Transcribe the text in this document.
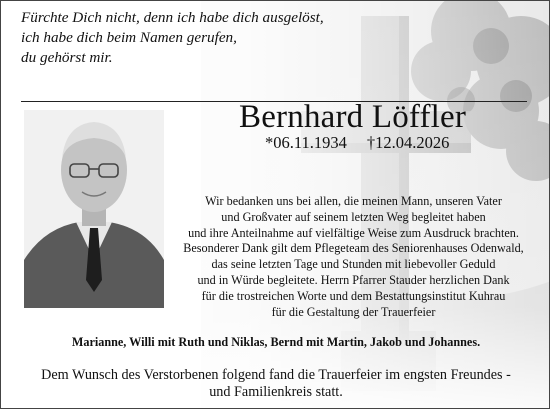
Fürchte Dich nicht, denn ich habe dich ausgelöst,
ich habe dich beim Namen gerufen,
du gehörst mir.

Bernhard Löffler
*06.11.1934 †12.04.2026

Wir bedanken uns bei allen, die meinen Mann, unseren Vater
und Großvater auf seinem letzten Weg begleitet haben
und ihre Anteilnahme auf vielfältige Weise zum Ausdruck brachten.
Besonderer Dank gilt dem Pflegeteam des Seniorenhauses Odenwald,
das seine letzten Tage und Stunden mit liebevoller Geduld
und in Würde begleitete. Herrn Pfarrer Stauder herzlichen Dank
für die trostreichen Worte und dem Bestattungsinstitut Kuhrau
für die Gestaltung der Trauerfeier

Marianne, Willi mit Ruth und Niklas, Bernd mit Martin, Jakob und Johannes.

Dem Wunsch des Verstorbenen folgend fand die Trauerfeier im engsten Freundes -
und Familienkreis statt.
